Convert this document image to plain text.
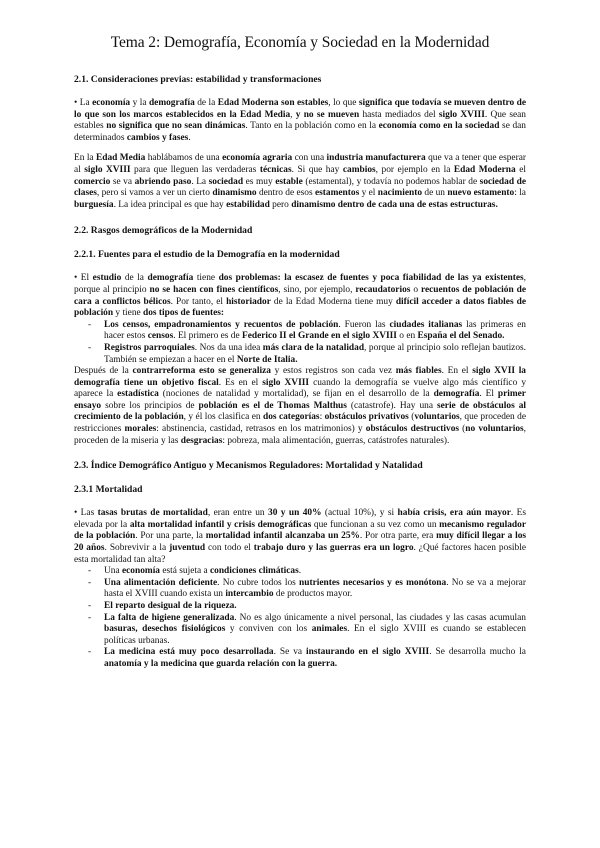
Tema 2: Demografía, Economía y Sociedad en la Modernidad
2.1. Consideraciones previas: estabilidad y transformaciones

• La economía y la demografía de la Edad Moderna son estables, lo que significa que todavía se mueven dentro de lo que son los marcos establecidos en la Edad Media, y no se mueven hasta mediados del siglo XVIII. Que sean estables no significa que no sean dinámicas. Tanto en la población como en la economía como en la sociedad se dan determinados cambios y fases.

En la Edad Media hablábamos de una economía agraria con una industria manufacturera que va a tener que esperar al siglo XVIII para que lleguen las verdaderas técnicas. Si que hay cambios, por ejemplo en la Edad Moderna el comercio se va abriendo paso. La sociedad es muy estable (estamental), y todavía no podemos hablar de sociedad de clases, pero si vamos a ver un cierto dinamismo dentro de esos estamentos y el nacimiento de un nuevo estamento: la burguesía. La idea principal es que hay estabilidad pero dinamismo dentro de cada una de estas estructuras.

2.2. Rasgos demográficos de la Modernidad
2.2.1. Fuentes para el estudio de la Demografía en la modernidad

• El estudio de la demografía tiene dos problemas: la escasez de fuentes y poca fiabilidad de las ya existentes, porque al principio no se hacen con fines científicos, sino, por ejemplo, recaudatorios o recuentos de población de cara a conflictos bélicos. Por tanto, el historiador de la Edad Moderna tiene muy difícil acceder a datos fiables de población y tiene dos tipos de fuentes:

- Los censos, empadronamientos y recuentos de población. Fueron las ciudades italianas las primeras en hacer estos censos. El primero es de Federico II el Grande en el siglo XVIII o en España el del Senado.
- Registros parroquiales. Nos da una idea más clara de la natalidad, porque al principio solo reflejan bautizos. También se empiezan a hacer en el Norte de Italia.

Después de la contrarreforma esto se generaliza y estos registros son cada vez más fiables. En el siglo XVII la demografía tiene un objetivo fiscal. Es en el siglo XVIII cuando la demografía se vuelve algo más científico y aparece la estadística (nociones de natalidad y mortalidad), se fijan en el desarrollo de la demografía. El primer ensayo sobre los principios de población es el de Thomas Malthus (catastrofe). Hay una serie de obstáculos al crecimiento de la población, y él los clasifica en dos categorías: obstáculos privativos (voluntarios, que proceden de restricciones morales: abstinencia, castidad, retrasos en los matrimonios) y obstáculos destructivos (no voluntarios, proceden de la miseria y las desgracias: pobreza, mala alimentación, guerras, catástrofes naturales).

2.3. Índice Demográfico Antiguo y Mecanismos Reguladores: Mortalidad y Natalidad
2.3.1 Mortalidad

• Las tasas brutas de mortalidad, eran entre un 30 y un 40% (actual 10%), y si había crisis, era aún mayor. Es elevada por la alta mortalidad infantil y crisis demográficas que funcionan a su vez como un mecanismo regulador de la población. Por una parte, la mortalidad infantil alcanzaba un 25%. Por otra parte, era muy difícil llegar a los 20 años. Sobrevivir a la juventud con todo el trabajo duro y las guerras era un logro. ¿Qué factores hacen posible esta mortalidad tan alta?

- Una economía está sujeta a condiciones climáticas.
- Una alimentación deficiente. No cubre todos los nutrientes necesarios y es monótona. No se va a mejorar hasta el XVIII cuando exista un intercambio de productos mayor.
- El reparto desigual de la riqueza.
- La falta de higiene generalizada. No es algo únicamente a nivel personal, las ciudades y las casas acumulan basuras, desechos fisiológicos y conviven con los animales. En el siglo XVIII es cuando se establecen políticas urbanas.
- La medicina está muy poco desarrollada. Se va instaurando en el siglo XVIII. Se desarrolla mucho la anatomía y la medicina que guarda relación con la guerra.
